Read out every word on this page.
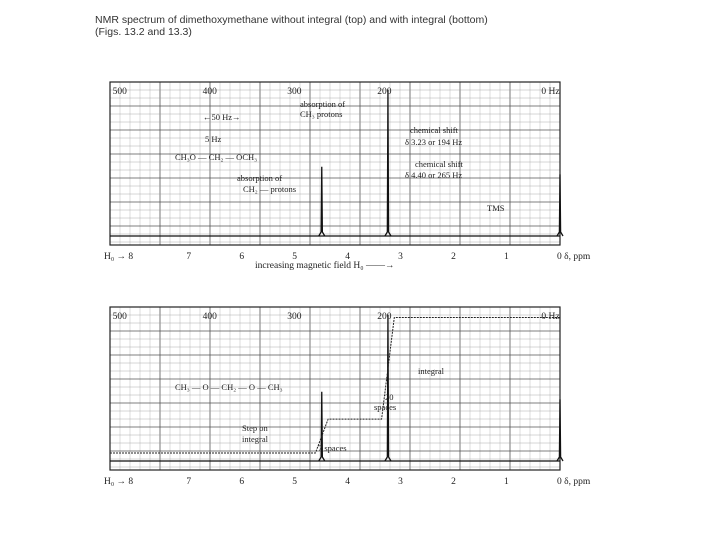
NMR spectrum of dimethoxymethane without integral (top) and with integral (bottom)
(Figs. 13.2 and 13.3)
500	400	300	200	0 Hz
H₀ → 8	7	6	5	4	3	2	1	0 δ, ppm
increasing magnetic field H₀ ——→
absorption of
CH₃ protons
←50 Hz→
5 Hz
CH₃O — CH₂ — OCH₃
absorption of
CH₂ — protons
chemical shift
δ 3.23 or 194 Hz
chemical shift
δ 4.40 or 265 Hz
TMS
500	400	300	200	0 Hz
H₀ → 8	7	6	5	4	3	2	1	0 δ, ppm
CH₃ — O — CH₂ — O — CH₃
integral
20
spaces
7 spaces
Step on
integral
